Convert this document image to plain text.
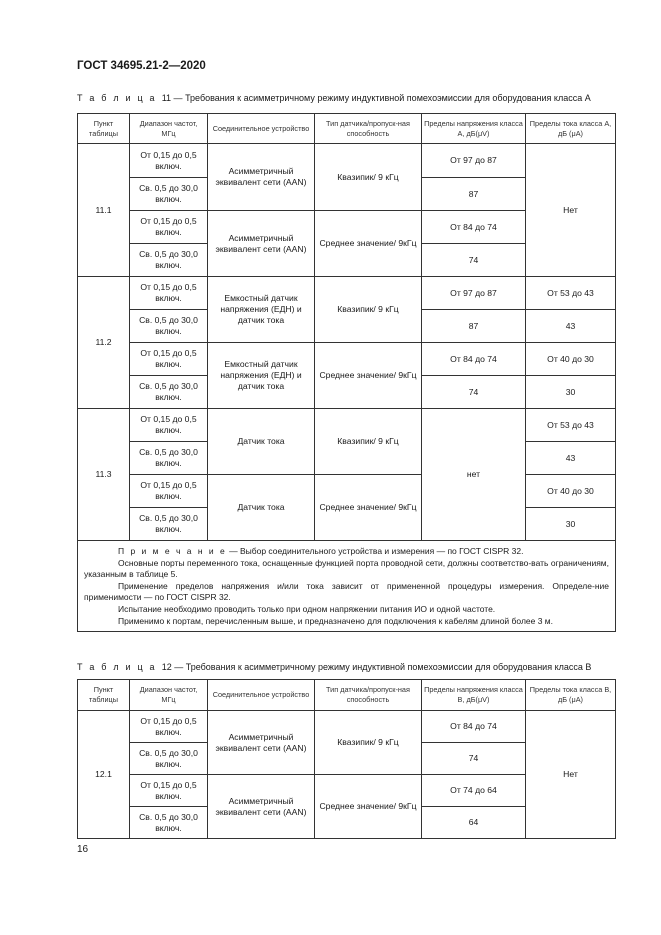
ГОСТ 34695.21-2—2020
Т а б л и ц а 11 — Требования к асимметричному режиму индуктивной помехоэмиссии для оборудования класса А
Пункт таблицы	Диапазон частот, МГц	Соединительное устройство	Тип датчика/пропуск-ная способность	Пределы напряжения класса А, дБ(μV)	Пределы тока класса А, дБ (μА)
11.1	От 0,15 до 0,5 включ.	Асимметричный эквивалент сети (AAN)	Квазипик/ 9 кГц	От 97 до 87	Нет
	Св. 0,5 до 30,0 включ.			87	
	От 0,15 до 0,5 включ.	Асимметричный эквивалент сети (AAN)	Среднее значение/ 9кГц	От 84 до 74	
	Св. 0,5 до 30,0 включ.			74	
11.2	От 0,15 до 0,5 включ.	Емкостный датчик напряжения (ЕДН) и датчик тока	Квазипик/ 9 кГц	От 97 до 87	От 53 до 43
	Св. 0,5 до 30,0 включ.			87	43
	От 0,15 до 0,5 включ.	Емкостный датчик напряжения (ЕДН) и датчик тока	Среднее значение/ 9кГц	От 84 до 74	От 40 до 30
	Св. 0,5 до 30,0 включ.			74	30
11.3	От 0,15 до 0,5 включ.	Датчик тока	Квазипик/ 9 кГц	нет	От 53 до 43
	Св. 0,5 до 30,0 включ.				43
	От 0,15 до 0,5 включ.	Датчик тока	Среднее значение/ 9кГц		От 40 до 30
	Св. 0,5 до 30,0 включ.				30

П р и м е ч а н и е — Выбор соединительного устройства и измерения — по ГОСТ CISPR 32.

Основные порты переменного тока, оснащенные функцией порта проводной сети, должны соответство-вать ограничениям, указанным в таблице 5.

Применение пределов напряжения и/или тока зависит от примененной процедуры измерения. Определе-ние применимости — по ГОСТ CISPR 32.

Испытание необходимо проводить только при одном напряжении питания ИО и одной частоте.

Применимо к портам, перечисленным выше, и предназначено для подключения к кабелям длиной более 3 м.					

Т а б л и ц а 12 — Требования к асимметричному режиму индуктивной помехоэмиссии для оборудования класса В
Пункт таблицы	Диапазон частот, МГц	Соединительное устройство	Тип датчика/пропуск-ная способность	Пределы напряжения класса В, дБ(μV)	Пределы тока класса В, дБ (μА)
12.1	От 0,15 до 0,5 включ.	Асимметричный эквивалент сети (AAN)	Квазипик/ 9 кГц	От 84 до 74	Нет
	Св. 0,5 до 30,0 включ.			74	
	От 0,15 до 0,5 включ.	Асимметричный эквивалент сети (AAN)	Среднее значение/ 9кГц	От 74 до 64	
	Св. 0,5 до 30,0 включ.			64	
16
